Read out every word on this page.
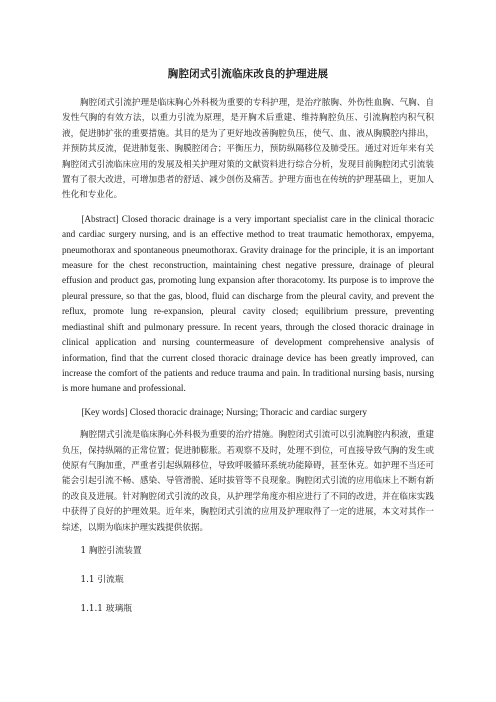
胸腔闭式引流临床改良的护理进展

胸腔闭式引流护理是临床胸心外科极为重要的专科护理，是治疗脓胸、外伤性血胸、气胸、自发性气胸的有效方法，以重力引流为原理，是开胸术后重建、维持胸腔负压、引流胸腔内积气积液，促进肺扩张的重要措施。其目的是为了更好地改善胸腔负压，使气、血、液从胸膜腔内排出，并预防其反流，促进肺复张、胸膜腔闭合；平衡压力，预防纵隔移位及肺受压。通过对近年来有关胸腔闭式引流临床应用的发展及相关护理对策的文献资料进行综合分析，发现目前胸腔闭式引流装置有了很大改进，可增加患者的舒适、减少创伤及痛苦。护理方面也在传统的护理基础上，更加人性化和专业化。

[Abstract] Closed thoracic drainage is a very important specialist care in the clinical thoracic and cardiac surgery nursing, and is an effective method to treat traumatic hemothorax, empyema, pneumothorax and spontaneous pneumothorax. Gravity drainage for the principle, it is an important measure for the chest reconstruction, maintaining chest negative pressure, drainage of pleural effusion and product gas, promoting lung expansion after thoracotomy. Its purpose is to improve the pleural pressure, so that the gas, blood, fluid can discharge from the pleural cavity, and prevent the reflux, promote lung re-expansion, pleural cavity closed; equilibrium pressure, preventing mediastinal shift and pulmonary pressure. In recent years, through the closed thoracic drainage in clinical application and nursing countermeasure of development comprehensive analysis of information, find that the current closed thoracic drainage device has been greatly improved, can increase the comfort of the patients and reduce trauma and pain. In traditional nursing basis, nursing is more humane and professional.

[Key words] Closed thoracic drainage; Nursing; Thoracic and cardiac surgery

胸腔閉式引流是临床胸心外科极为重要的治疗措施。胸腔闭式引流可以引流胸腔内积液，重建负压，保持纵隔的正常位置；促进肺膨胀。若观察不及时，处理不到位，可直接导致气胸的发生或使原有气胸加重，严重者引起纵隔移位，导致呼吸循环系统功能障碍，甚至休克。如护理不当还可能会引起引流不畅、感染、导管滑脱、延时拔管等不良现象。胸腔闭式引流的应用临床上不断有新的改良及进展。针对胸腔闭式引流的改良，从护理学角度亦相应进行了不同的改进，并在临床实践中获得了良好的护理效果。近年来，胸腔闭式引流的应用及护理取得了一定的进展，本文对其作一综述，以期为临床护理实践提供依据。

1 胸腔引流装置

1.1 引流瓶

1.1.1 玻璃瓶
